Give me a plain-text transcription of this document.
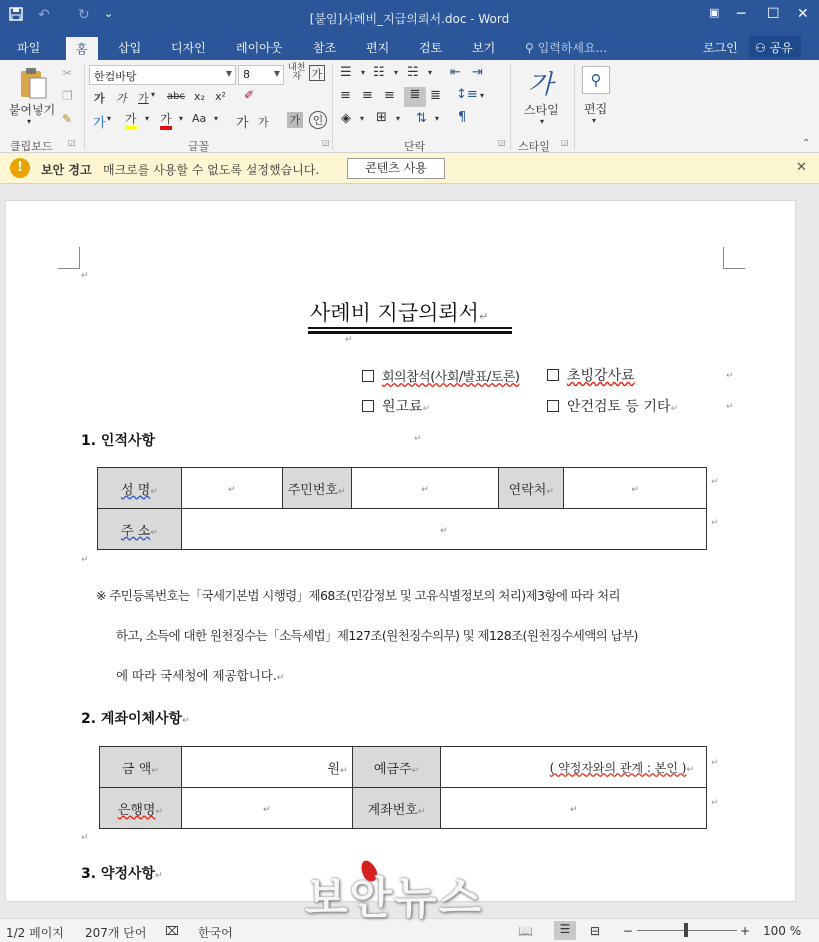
↶ ↻ ⌄	[붙임]사례비_지급의뢰서.doc - Word	▣ ─ ☐ ✕
파일	홈	삽입 디자인	레이아웃	참조 편지 검토 보기 ⚲ 입력하세요...	로그인	⚇ 공유
붙여넣기
▾
✂
❐
✎
클립보드 ◲
한컴바탕	▼	8	▼
내천
자 가
가 가 가 ▾ abc x₂ x² ✐
가 ▾ 가 ▾ 가 ▾ Aa ▾ 가 가 가	인
글꼴	◲
☰ ▾ ☷ ▾ ☵ ▾ ⇤ ⇥
≡ ≡ ≡	≣ ≣ ↕≡ ▾
◈ ▾ ⊞ ▾ ⇅ ▾ ¶
단락	◲
가
스타일
▾
스타일 ◲
⚲
편집
▾
⌃
!	보안 경고 매크로를 사용할 수 없도록 설정했습니다.	콘텐츠 사용	✕
↵
사례비 지급의뢰서↵
↵
회의참석(사회/발표/토론)	초빙강사료	↵
원고료↵	안건검토 등 기타↵	↵
1. 인적사항	↵
성 명↵	↵	주민번호↵	↵	연락처↵	↵
주 소↵	↵				
↵
↵
↵
※ 주민등록번호는「국세기본법 시행령」제68조(민감정보 및 고유식별정보의 처리)제3항에 따라 처리
하고, 소득에 대한 원천징수는「소득세법」제127조(원천징수의무) 및 제128조(원천징수세액의 납부)
에 따라 국세청에 제공합니다.↵
2. 계좌이체사항↵
금 액↵	원↵	예금주↵	( 약정자와의 관계 : 본인 )↵
은행명↵	↵	계좌번호↵	↵
↵
↵
↵
3. 약정사항↵
1/2 페이지 207개 단어 ⌧ 한국어	📖	☰	⊟ −	+ 100 %
보안뉴스
